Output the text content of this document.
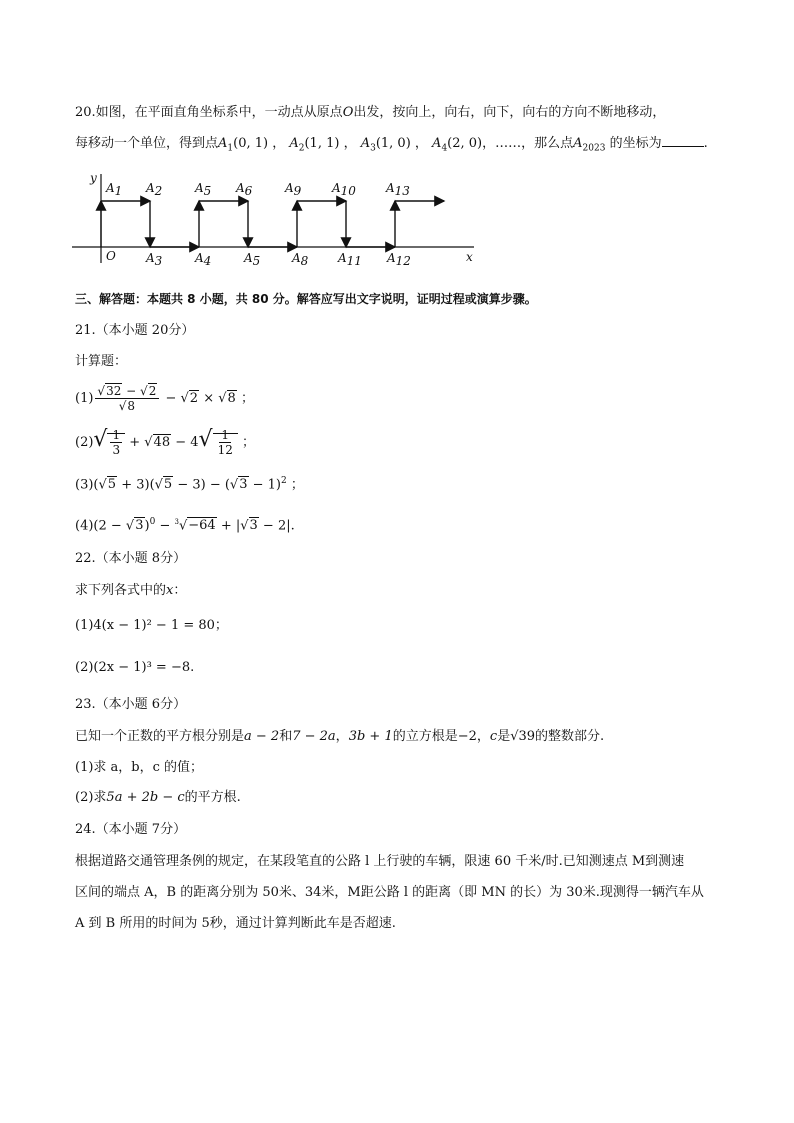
20.如图，在平面直角坐标系中，一动点从原点O出发，按向上，向右，向下，向右的方向不断地移动，
每移动一个单位，得到点$A_1(0$, 1) ， $A_2(1$, 1) ， $A_3(1$, 0) ， $A_4(2$, 0)，……，那么点$A_{2023}$ 的坐标为	.
y
x
O
A1 A2	A5 A6	A9	A10	A13
A3	A4	A5	A8 A11 A12
三、解答题：本题共 8 小题，共 80 分。解答应写出文字说明，证明过程或演算步骤。
21.（本小题 20分）
计算题：
$(1) \frac{√32 - √2}{√8} - √2 \times √8$ ；
$(2)√ \frac{1}{3} + √48 - 4√ \frac{1}{12}$ ；
$(3)(√5 + 3)(√5 - 3) - (√3 - 1)^2$ ；
$(4)(2 - √3)^0 - ^3√-64 + |√3 - 2|$.
22.（本小题 8分）
求下列各式中的x：
(1)4(x − 1)² − 1 = 80；
(2)(2x − 1)³ = −8.
23.（本小题 6分）
已知一个正数的平方根分别是a − 2和7 − 2a，3b + 1的立方根是−2，c是√39的整数部分.
(1)求 a，b，c 的值；
(2)求5a + 2b − c的平方根.
24.（本小题 7分）
根据道路交通管理条例的规定，在某段笔直的公路 l 上行驶的车辆，限速 60 千米/时.已知测速点 M到测速
区间的端点 A，B 的距离分别为 50米、34米，M距公路 l 的距离（即 MN 的长）为 30米.现测得一辆汽车从
A 到 B 所用的时间为 5秒，通过计算判断此车是否超速.
